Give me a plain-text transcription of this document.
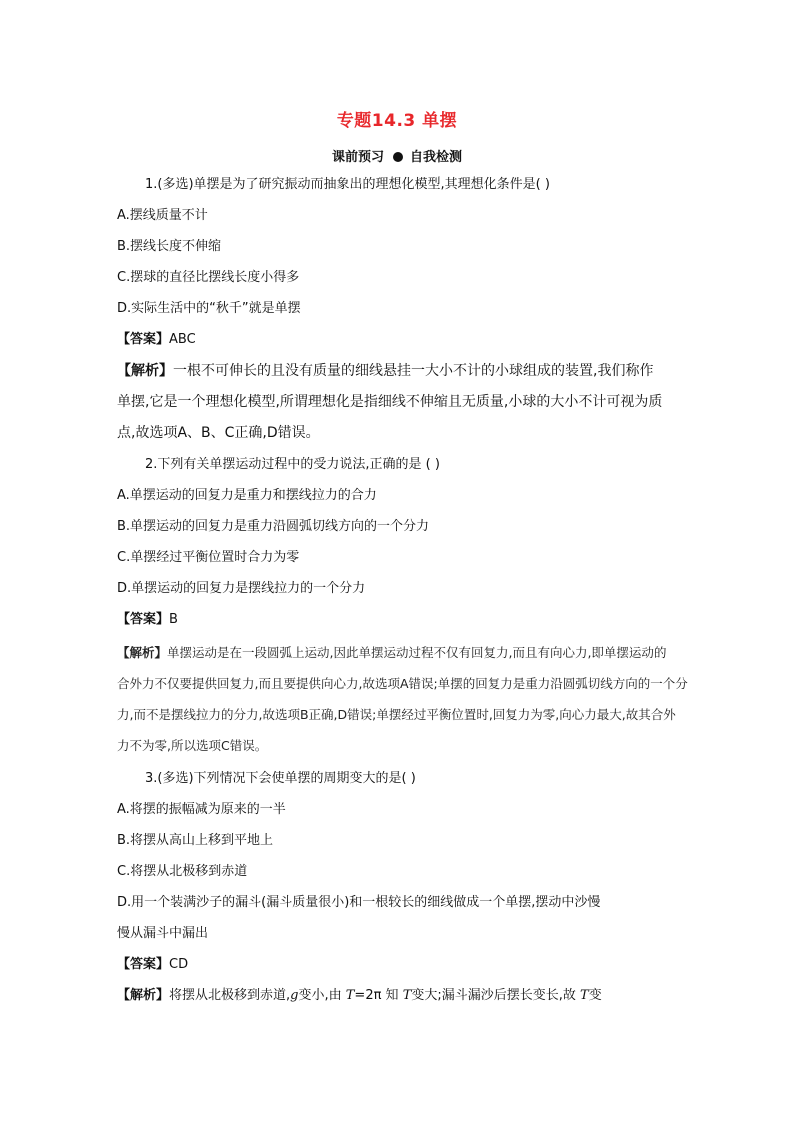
专题14.3 单摆
课前预习 自我检测
1.(多选)单摆是为了研究振动而抽象出的理想化模型,其理想化条件是( )
A.摆线质量不计
B.摆线长度不伸缩
C.摆球的直径比摆线长度小得多
D.实际生活中的“秋千”就是单摆
【答案】ABC
【解析】一根不可伸长的且没有质量的细线悬挂一大小不计的小球组成的装置,我们称作
单摆,它是一个理想化模型,所谓理想化是指细线不伸缩且无质量,小球的大小不计可视为质
点,故选项A、B、C正确,D错误。
2.下列有关单摆运动过程中的受力说法,正确的是 ( )
A.单摆运动的回复力是重力和摆线拉力的合力
B.单摆运动的回复力是重力沿圆弧切线方向的一个分力
C.单摆经过平衡位置时合力为零
D.单摆运动的回复力是摆线拉力的一个分力
【答案】B
【解析】单摆运动是在一段圆弧上运动,因此单摆运动过程不仅有回复力,而且有向心力,即单摆运动的
合外力不仅要提供回复力,而且要提供向心力,故选项A错误;单摆的回复力是重力沿圆弧切线方向的一个分
力,而不是摆线拉力的分力,故选项B正确,D错误;单摆经过平衡位置时,回复力为零,向心力最大,故其合外
力不为零,所以选项C错误。
3.(多选)下列情况下会使单摆的周期变大的是( )
A.将摆的振幅减为原来的一半
B.将摆从高山上移到平地上
C.将摆从北极移到赤道
D.用一个装满沙子的漏斗(漏斗质量很小)和一根较长的细线做成一个单摆,摆动中沙慢
慢从漏斗中漏出
【答案】CD
【解析】将摆从北极移到赤道,g变小,由 T=2π 知 T变大;漏斗漏沙后摆长变长,故 T变
